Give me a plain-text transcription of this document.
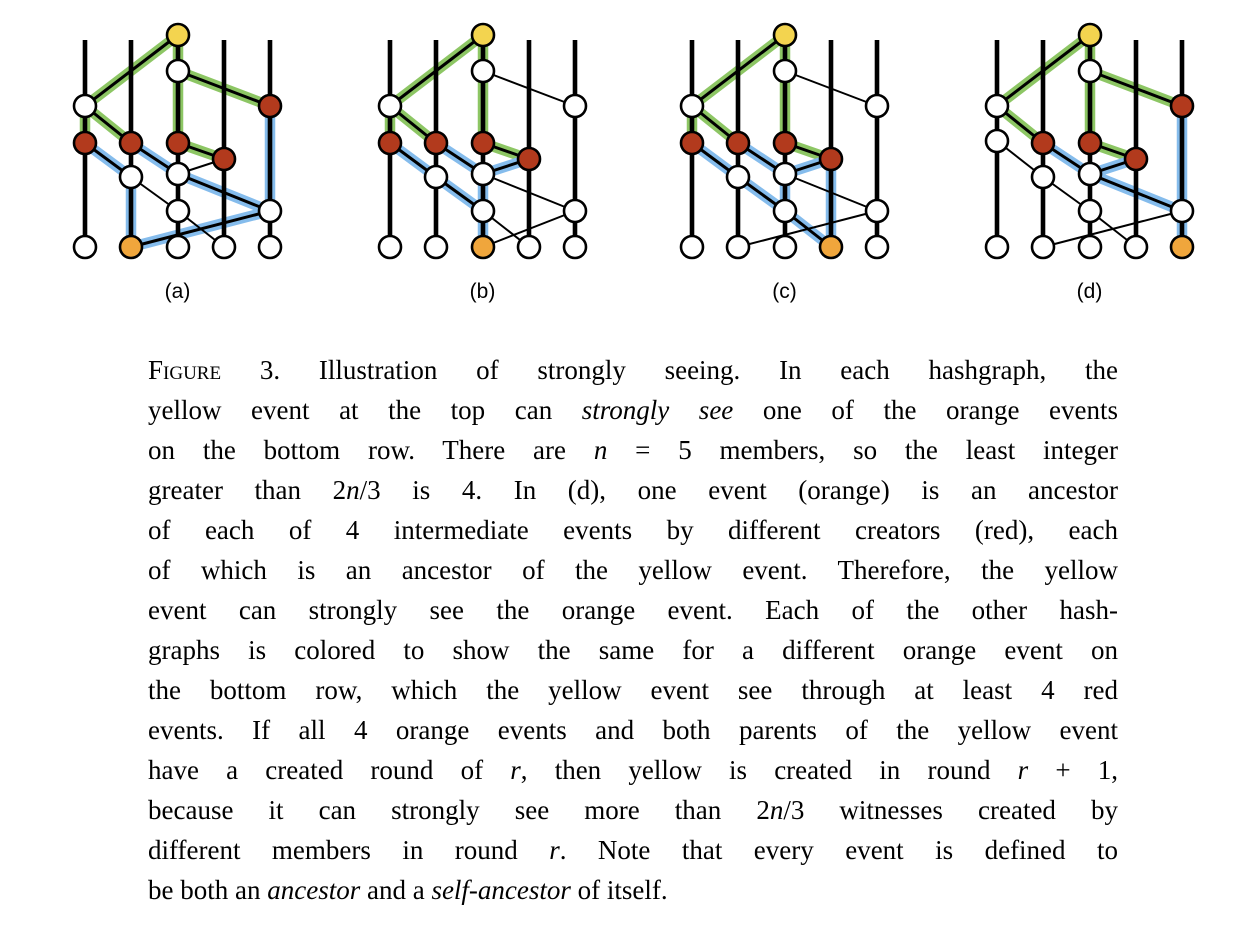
(a)	(b)	(c)	(d)
Figure 3. Illustration of strongly seeing. In each hashgraph, the
yellow event at the top can strongly see one of the orange events
on the bottom row. There are n = 5 members, so the least integer
greater than 2n/3 is 4. In (d), one event (orange) is an ancestor
of each of 4 intermediate events by different creators (red), each
of which is an ancestor of the yellow event. Therefore, the yellow
event can strongly see the orange event. Each of the other hash-
graphs is colored to show the same for a different orange event on
the bottom row, which the yellow event see through at least 4 red
events. If all 4 orange events and both parents of the yellow event
have a created round of r, then yellow is created in round r + 1,
because it can strongly see more than 2n/3 witnesses created by
different members in round r. Note that every event is defined to
be both an ancestor and a self-ancestor of itself.
